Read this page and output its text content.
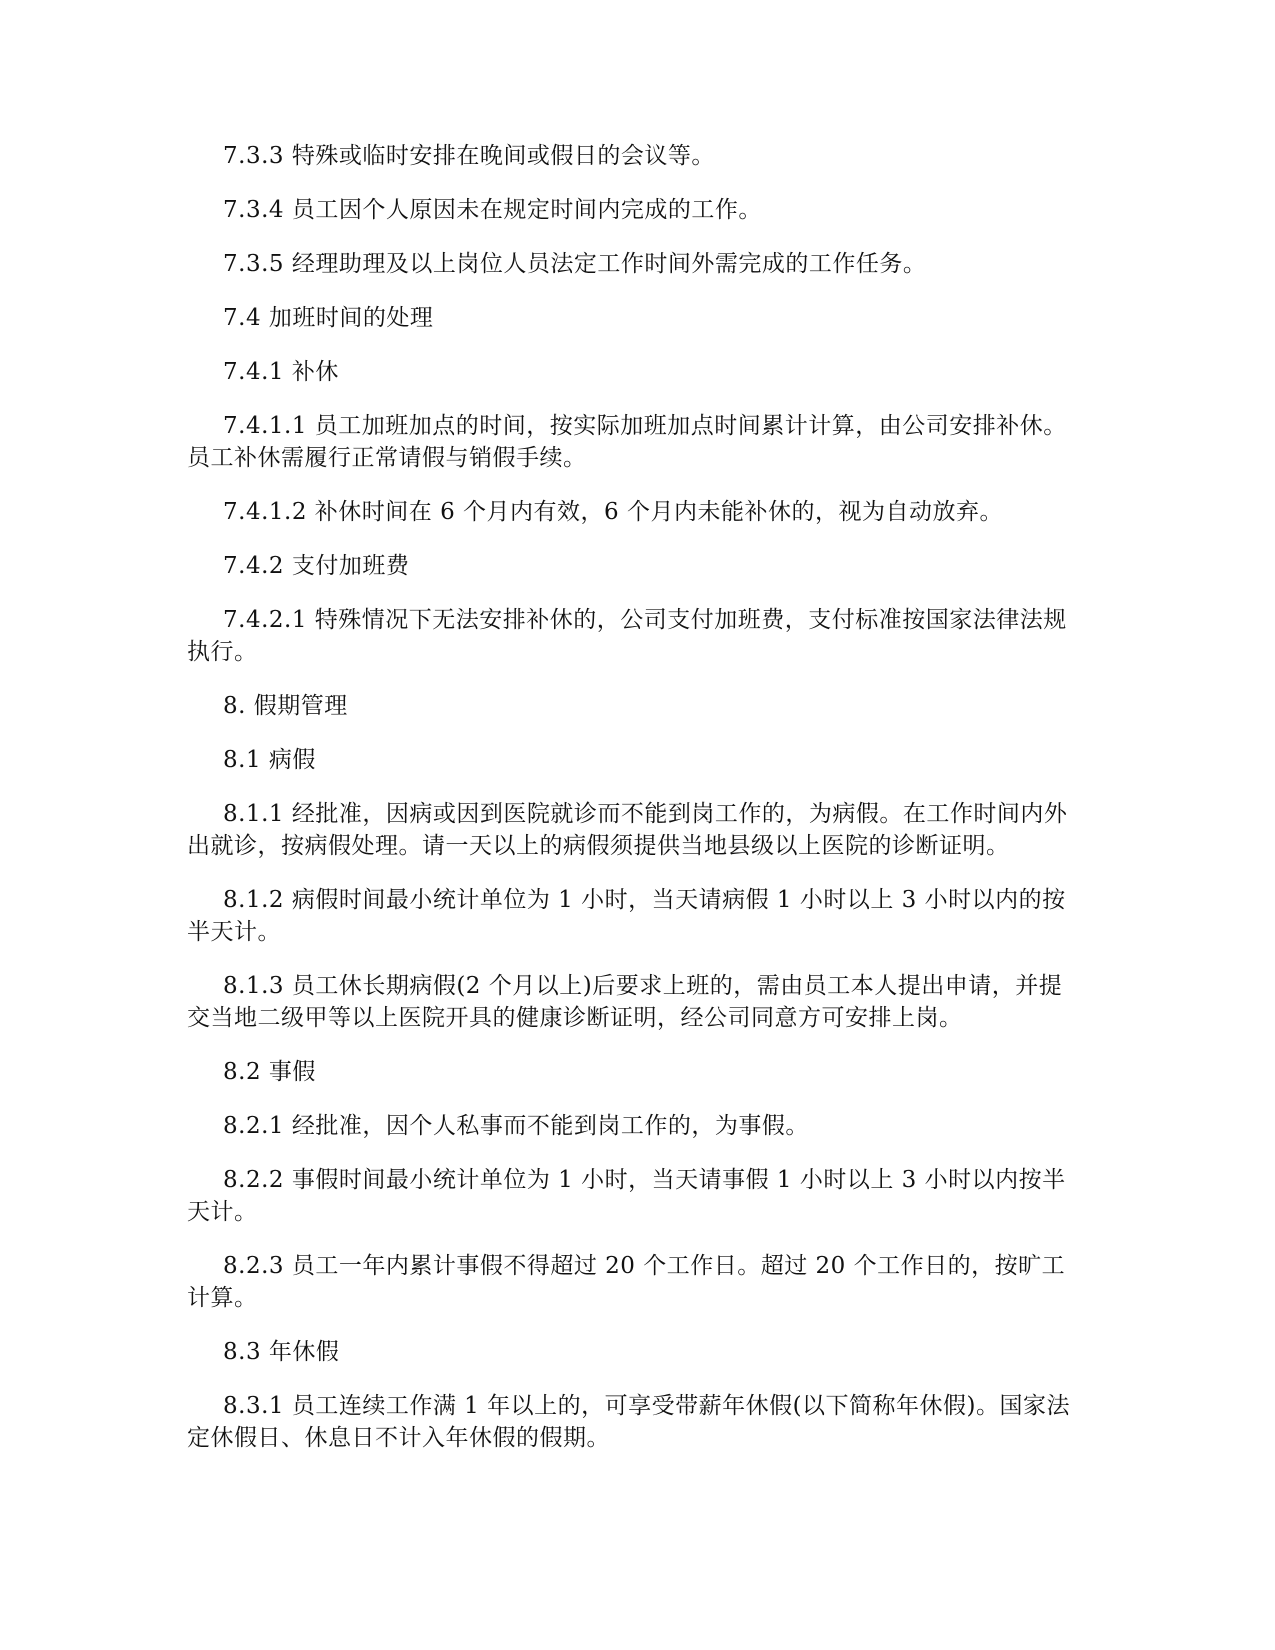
7.3.3 特殊或临时安排在晚间或假日的会议等。

7.3.4 员工因个人原因未在规定时间内完成的工作。

7.3.5 经理助理及以上岗位人员法定工作时间外需完成的工作任务。

7.4 加班时间的处理

7.4.1 补休

7.4.1.1 员工加班加点的时间，按实际加班加点时间累计计算，由公司安排补休。员工补休需履行正常请假与销假手续。

7.4.1.2 补休时间在 6 个月内有效，6 个月内未能补休的，视为自动放弃。

7.4.2 支付加班费

7.4.2.1 特殊情况下无法安排补休的，公司支付加班费，支付标准按国家法律法规执行。

8. 假期管理

8.1 病假

8.1.1 经批准，因病或因到医院就诊而不能到岗工作的，为病假。在工作时间内外出就诊，按病假处理。请一天以上的病假须提供当地县级以上医院的诊断证明。

8.1.2 病假时间最小统计单位为 1 小时，当天请病假 1 小时以上 3 小时以内的按半天计。

8.1.3 员工休长期病假(2 个月以上)后要求上班的，需由员工本人提出申请，并提交当地二级甲等以上医院开具的健康诊断证明，经公司同意方可安排上岗。

8.2 事假

8.2.1 经批准，因个人私事而不能到岗工作的，为事假。

8.2.2 事假时间最小统计单位为 1 小时，当天请事假 1 小时以上 3 小时以内按半天计。

8.2.3 员工一年内累计事假不得超过 20 个工作日。超过 20 个工作日的，按旷工计算。

8.3 年休假

8.3.1 员工连续工作满 1 年以上的，可享受带薪年休假(以下简称年休假)。国家法定休假日、休息日不计入年休假的假期。
